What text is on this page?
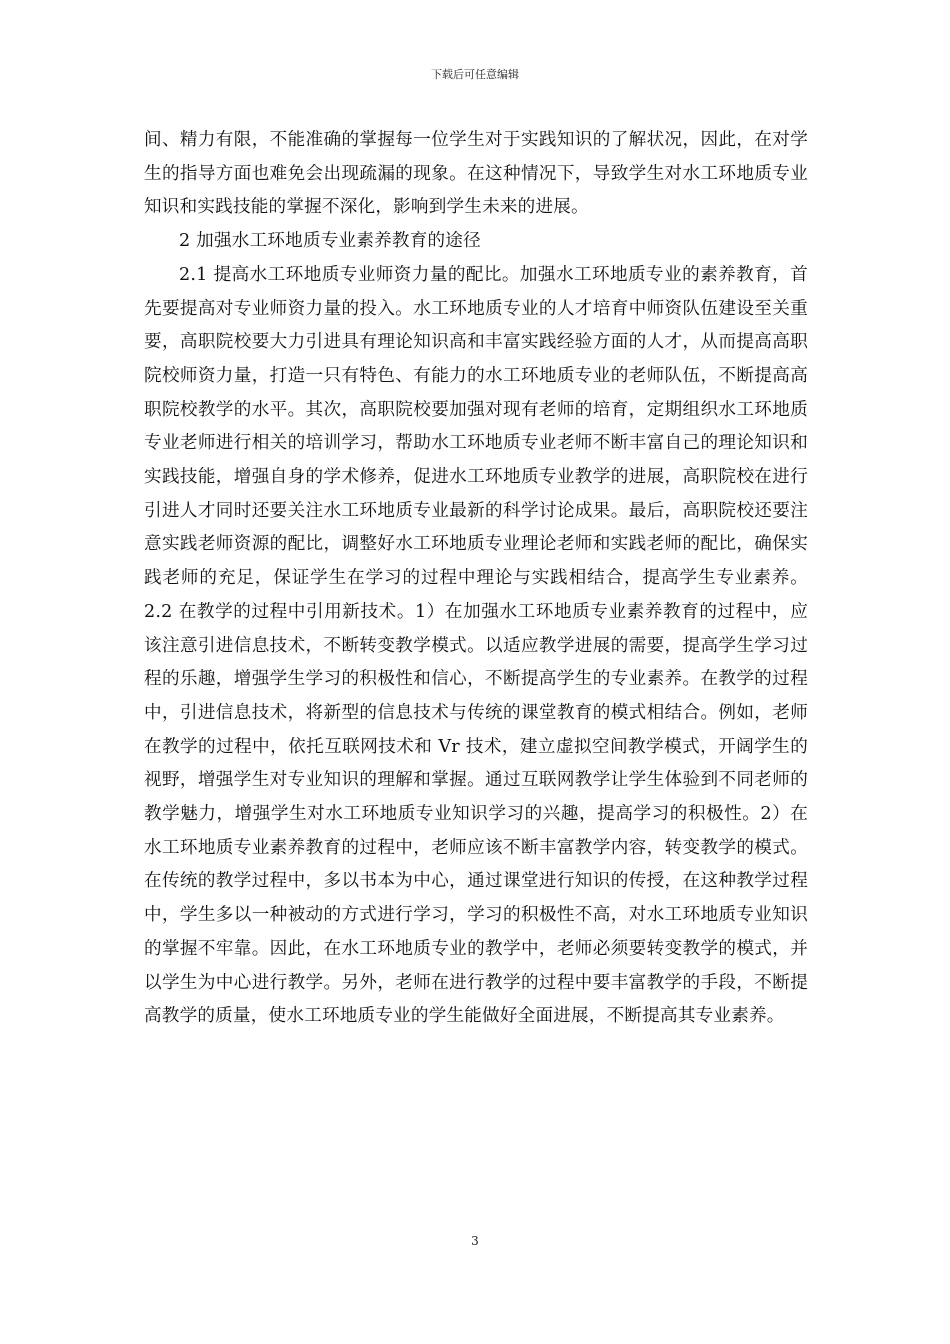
下载后可任意编辑

间、精力有限，不能准确的掌握每一位学生对于实践知识的了解状况，因此，在对学生的指导方面也难免会出现疏漏的现象。在这种情况下，导致学生对水工环地质专业知识和实践技能的掌握不深化，影响到学生未来的进展。

2 加强水工环地质专业素养教育的途径

2.1 提高水工环地质专业师资力量的配比。加强水工环地质专业的素养教育，首先要提高对专业师资力量的投入。水工环地质专业的人才培育中师资队伍建设至关重要，高职院校要大力引进具有理论知识高和丰富实践经验方面的人才，从而提高高职院校师资力量，打造一只有特色、有能力的水工环地质专业的老师队伍，不断提高高职院校教学的水平。其次，高职院校要加强对现有老师的培育，定期组织水工环地质专业老师进行相关的培训学习，帮助水工环地质专业老师不断丰富自己的理论知识和实践技能，增强自身的学术修养，促进水工环地质专业教学的进展，高职院校在进行引进人才同时还要关注水工环地质专业最新的科学讨论成果。最后，高职院校还要注意实践老师资源的配比，调整好水工环地质专业理论老师和实践老师的配比，确保实践老师的充足，保证学生在学习的过程中理论与实践相结合，提高学生专业素养。2.2 在教学的过程中引用新技术。1）在加强水工环地质专业素养教育的过程中，应该注意引进信息技术，不断转变教学模式。以适应教学进展的需要，提高学生学习过程的乐趣，增强学生学习的积极性和信心，不断提高学生的专业素养。在教学的过程中，引进信息技术，将新型的信息技术与传统的课堂教育的模式相结合。例如，老师在教学的过程中，依托互联网技术和 Vr 技术，建立虚拟空间教学模式，开阔学生的视野，增强学生对专业知识的理解和掌握。通过互联网教学让学生体验到不同老师的教学魅力，增强学生对水工环地质专业知识学习的兴趣，提高学习的积极性。2）在水工环地质专业素养教育的过程中，老师应该不断丰富教学内容，转变教学的模式。在传统的教学过程中，多以书本为中心，通过课堂进行知识的传授，在这种教学过程中，学生多以一种被动的方式进行学习，学习的积极性不高，对水工环地质专业知识的掌握不牢靠。因此，在水工环地质专业的教学中，老师必须要转变教学的模式，并以学生为中心进行教学。另外，老师在进行教学的过程中要丰富教学的手段，不断提高教学的质量，使水工环地质专业的学生能做好全面进展，不断提高其专业素养。

3
